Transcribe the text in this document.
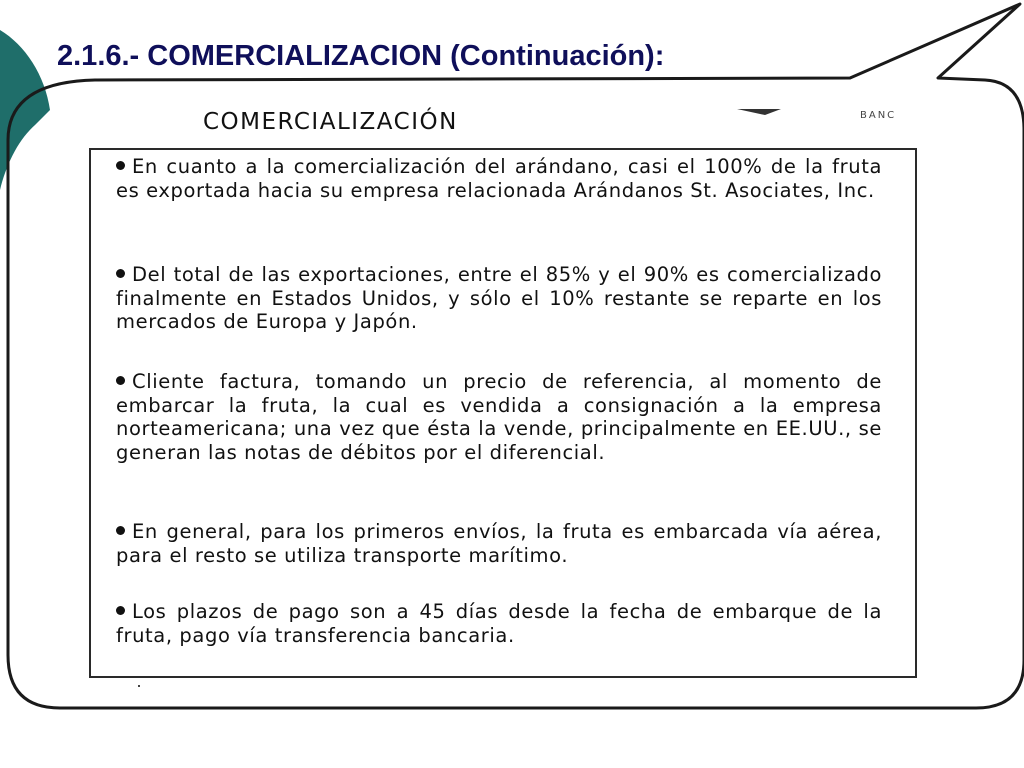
2.1.6.- COMERCIALIZACION (Continuación):
COMERCIALIZACIÓN	BANC
En cuanto a la comercialización del arándano, casi el 100% de la fruta es exportada hacia su empresa relacionada Arándanos St. Asociates, Inc.
Del total de las exportaciones, entre el 85% y el 90% es comercializado finalmente en Estados Unidos, y sólo el 10% restante se reparte en los mercados de Europa y Japón.
Cliente factura, tomando un precio de referencia, al momento de embarcar la fruta, la cual es vendida a consignación a la empresa norteamericana; una vez que ésta la vende, principalmente en EE.UU., se generan las notas de débitos por el diferencial.
En general, para los primeros envíos, la fruta es embarcada vía aérea, para el resto se utiliza transporte marítimo.
Los plazos de pago son a 45 días desde la fecha de embarque de la fruta, pago vía transferencia bancaria.
